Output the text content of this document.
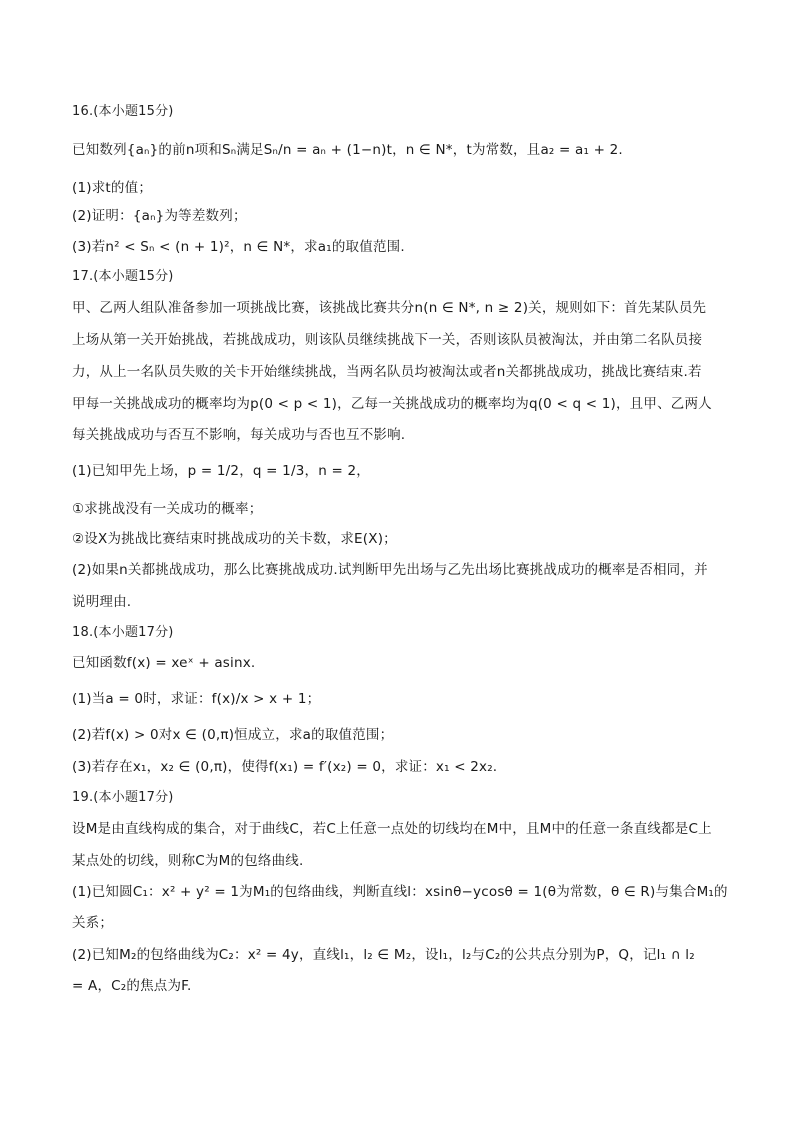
16.(本小题15分)
已知数列{aₙ}的前n项和Sₙ满足Sₙ/n = aₙ + (1−n)t，n ∈ N*，t为常数，且a₂ = a₁ + 2.
(1)求t的值；
(2)证明：{aₙ}为等差数列；
(3)若n² < Sₙ < (n + 1)²，n ∈ N*，求a₁的取值范围.
17.(本小题15分)
甲、乙两人组队准备参加一项挑战比赛，该挑战比赛共分n(n ∈ N*, n ≥ 2)关，规则如下：首先某队员先
上场从第一关开始挑战，若挑战成功，则该队员继续挑战下一关，否则该队员被淘汰，并由第二名队员接
力，从上一名队员失败的关卡开始继续挑战，当两名队员均被淘汰或者n关都挑战成功，挑战比赛结束.若
甲每一关挑战成功的概率均为p(0 < p < 1)，乙每一关挑战成功的概率均为q(0 < q < 1)，且甲、乙两人
每关挑战成功与否互不影响，每关成功与否也互不影响.
(1)已知甲先上场，p = 1/2，q = 1/3，n = 2，
①求挑战没有一关成功的概率；
②设X为挑战比赛结束时挑战成功的关卡数，求E(X)；
(2)如果n关都挑战成功，那么比赛挑战成功.试判断甲先出场与乙先出场比赛挑战成功的概率是否相同，并
说明理由.
18.(本小题17分)
已知函数f(x) = xeˣ + asinx.
(1)当a = 0时，求证：f(x)/x > x + 1；
(2)若f(x) > 0对x ∈ (0,π)恒成立，求a的取值范围；
(3)若存在x₁，x₂ ∈ (0,π)，使得f(x₁) = f′(x₂) = 0，求证：x₁ < 2x₂.
19.(本小题17分)
设M是由直线构成的集合，对于曲线C，若C上任意一点处的切线均在M中，且M中的任意一条直线都是C上
某点处的切线，则称C为M的包络曲线.
(1)已知圆C₁：x² + y² = 1为M₁的包络曲线，判断直线l：xsinθ−ycosθ = 1(θ为常数，θ ∈ R)与集合M₁的
关系；
(2)已知M₂的包络曲线为C₂：x² = 4y，直线l₁，l₂ ∈ M₂，设l₁，l₂与C₂的公共点分别为P，Q，记l₁ ∩ l₂
= A，C₂的焦点为F.
